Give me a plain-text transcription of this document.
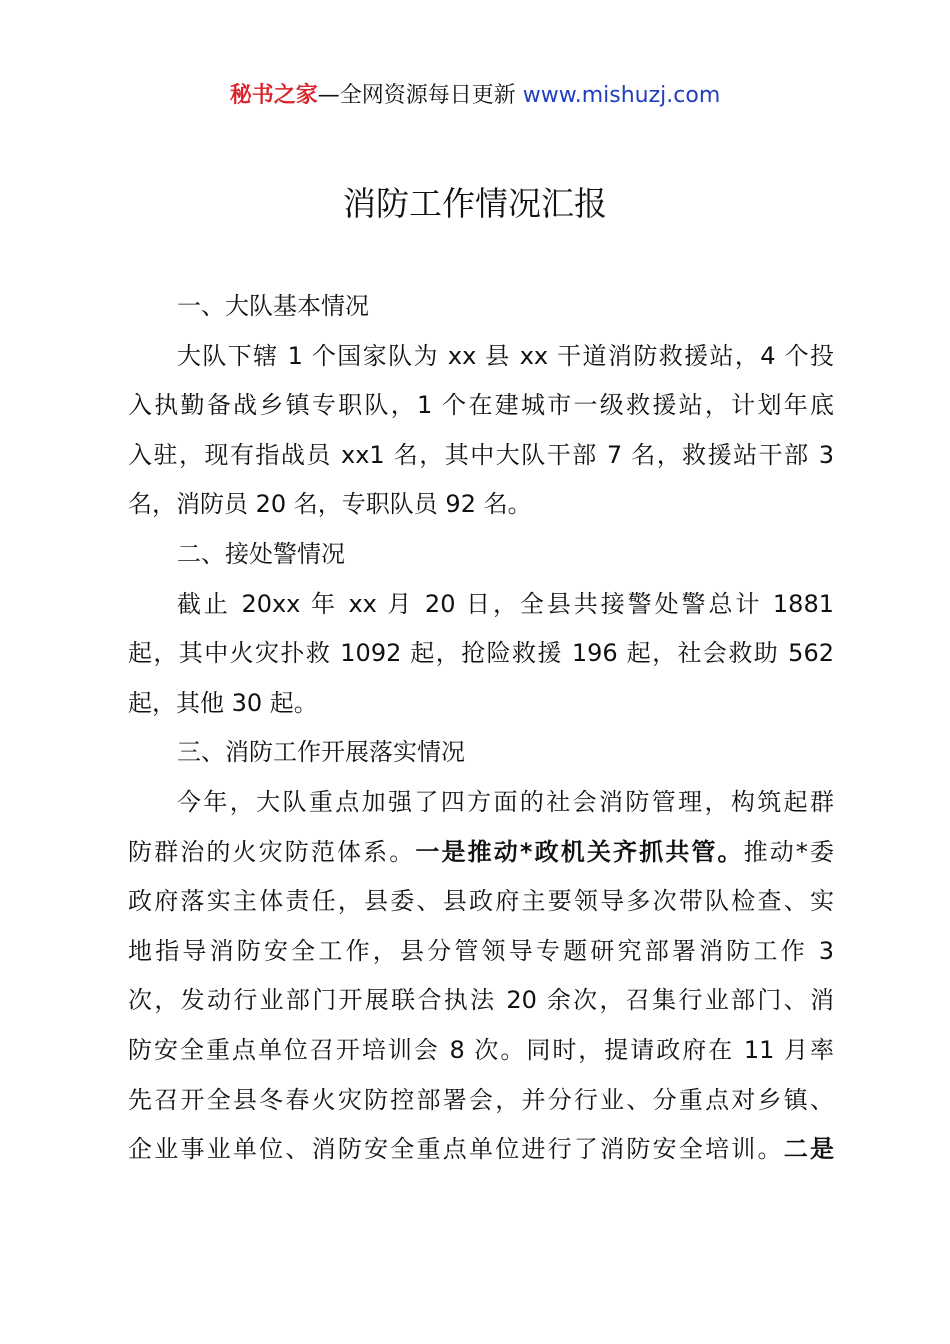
秘书之家—全网资源每日更新 www.mishuzj.com
消防工作情况汇报
一、大队基本情况
大队下辖 1 个国家队为 xx 县 xx 干道消防救援站，4 个投
入执勤备战乡镇专职队，1 个在建城市一级救援站，计划年底
入驻，现有指战员 xx1 名，其中大队干部 7 名，救援站干部 3
名，消防员 20 名，专职队员 92 名。
二、接处警情况
截止 20xx 年 xx 月 20 日，全县共接警处警总计 1881
起，其中火灾扑救 1092 起，抢险救援 196 起，社会救助 562
起，其他 30 起。
三、消防工作开展落实情况
今年，大队重点加强了四方面的社会消防管理，构筑起群
防群治的火灾防范体系。一是推动*政机关齐抓共管。推动*委
政府落实主体责任，县委、县政府主要领导多次带队检查、实
地指导消防安全工作，县分管领导专题研究部署消防工作 3
次，发动行业部门开展联合执法 20 余次，召集行业部门、消
防安全重点单位召开培训会 8 次。同时，提请政府在 11 月率
先召开全县冬春火灾防控部署会，并分行业、分重点对乡镇、
企业事业单位、消防安全重点单位进行了消防安全培训。二是
